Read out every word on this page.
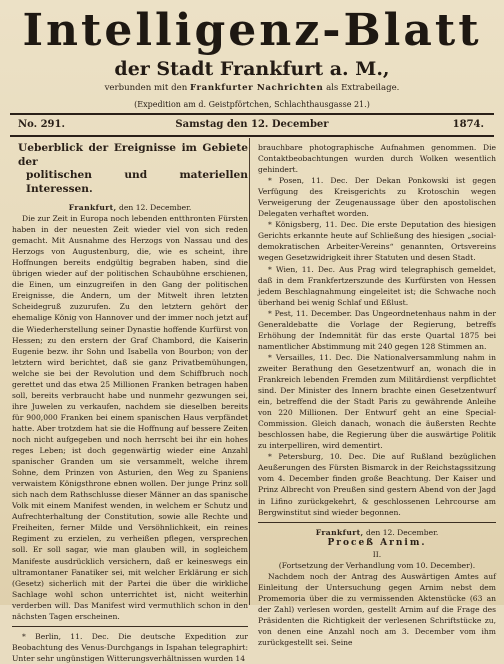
Intelligenz-Blatt
der Stadt Frankfurt a. M.,
verbunden mit den Frankfurter Nachrichten als Extrabeilage.
(Expedition am d. Geistpförtchen, Schlachthausgasse 21.)
No. 291.	Samstag den 12. December	1874.

Ueberblick der Ereignisse im Gebiete der
politischen und materiellen Interessen.

Frankfurt, den 12. December.

Die zur Zeit in Europa noch lebenden entthronten Fürsten haben in der neuesten Zeit wieder viel von sich reden gemacht. Mit Ausnahme des Herzogs von Nassau und des Herzogs von Augustenburg, die, wie es scheint, ihre Hoffnungen bereits endgültig begraben haben, sind die übrigen wieder auf der politischen Schaubühne erschienen, die Einen, um einzugreifen in den Gang der politischen Ereignisse, die Andern, um der Mitwelt ihren letzten Scheidegruß zuzurufen. Zu den letztern gehört der ehemalige König von Hannover und der immer noch jetzt auf die Wiederherstellung seiner Dynastie hoffende Kurfürst von Hessen; zu den erstern der Graf Chambord, die Kaiserin Eugenie bezw. ihr Sohn und Isabella von Bourbon; von der letztern wird berichtet, daß sie ganz Privatbemühungen, welche sie bei der Revolution und dem Schiffbruch noch gerettet und das etwa 25 Millionen Franken betragen haben soll, bereits verbraucht habe und nunmehr gezwungen sei, ihre Juwelen zu verkaufen, nachdem sie dieselben bereits für 900,000 Franken bei einem spanischen Haus verpfändet hatte. Aber trotzdem hat sie die Hoffnung auf bessere Zeiten noch nicht aufgegeben und noch herrscht bei ihr ein hohes reges Leben; ist doch gegenwärtig wieder eine Anzahl spanischer Granden um sie versammelt, welche ihrem Sohne, dem Prinzen von Asturien, den Weg zu Spaniens verwaistem Königsthrone ebnen wollen. Der junge Prinz soll sich nach dem Rathschlusse dieser Männer an das spanische Volk mit einem Manifest wenden, in welchem er Schutz und Aufrechterhaltung der Constitution, sowie alle Rechte und Freiheiten, ferner Milde und Versöhnlichkeit, ein reines Regiment zu erzielen, zu verheißen pflegen, versprechen soll. Er soll sagar, wie man glauben will, in sogleichem Manifeste ausdrücklich versichern, daß er keineswegs ein ultramontaner Fanatiker sei, mit welcher Erklärung er sich (Gesetz) sicherlich mit der Partei die über die wirkliche Sachlage wohl schon unterrichtet ist, nicht weiterhin verderben will. Das Manifest wird vermuthlich schon in den nächsten Tagen erscheinen.

* Berlin, 11. Dec. Die deutsche Expedition zur Beobachtung des Venus-Durchgangs in Ispahan telegraphirt: Unter sehr ungünstigen Witterungsverhältnissen wurden 14

brauchbare photographische Aufnahmen genommen. Die Contaktbeobachtungen wurden durch Wolken wesentlich gehindert.

* Posen, 11. Dec. Der Dekan Ponkowski ist gegen Verfügung des Kreisgerichts zu Krotoschin wegen Verweigerung der Zeugenaussage über den apostolischen Delegaten verhaftet worden.

* Königsberg, 11. Dec. Die erste Deputation des hiesigen Gerichts erkannte heute auf Schließung des hiesigen „social-demokratischen Arbeiter-Vereins“ genannten, Ortsvereins wegen Gesetzwidrigkeit ihrer Statuten und desen Stadt.

* Wien, 11. Dec. Aus Prag wird telegraphisch gemeldet, daß in dem Frankfertzerszunde des Kurfürsten von Hessen jedem Beschlagnahmung eingeleitet ist; die Schwache noch überhand bei wenig Schlaf und Eßlust.

* Pest, 11. December. Das Ungeordnetenhaus nahm in der Generaldebatte die Vorlage der Regierung, betreffs Erhöhung der Indemnität für das erste Quartal 1875 bei namentlicher Abstimmung mit 240 gegen 128 Stimmen an.

* Versailles, 11. Dec. Die Nationalversammlung nahm in zweiter Berathung den Gesetzentwurf an, wonach die in Frankreich lebenden Fremden zum Militärdienst verpflichtet sind. Der Minister des Innern brachte einen Gesetzentwurf ein, betreffend die der Stadt Paris zu gewährende Anleihe von 220 Millionen. Der Entwurf geht an eine Special-Commission. Gleich danach, wonach die äußersten Rechte beschlossen habe, die Regierung über die auswärtige Politik zu interpelliren, wird dementirt.

* Petersburg, 10. Dec. Die auf Rußland bezüglichen Aeußerungen des Fürsten Bismarck in der Reichstagssitzung vom 4. December finden große Beachtung. Der Kaiser und Prinz Albrecht von Preußen sind gestern Abend von der Jagd in Lifino zurückgekehrt, & geschlossenen Lehrcourse am Bergwinstitut sind wieder begonnen.

Frankfurt, den 12. December.

Proceß Arnim.

II.

(Fortsetzung der Verhandlung vom 10. December).

Nachdem noch der Antrag des Auswärtigen Amtes auf Einleitung der Untersuchung gegen Arnim nebst dem Promemoria über die zu vermissenden Aktenstücke (63 an der Zahl) verlesen worden, gestellt Arnim auf die Frage des Präsidenten die Richtigkeit der verlesenen Schriftstücke zu, von denen eine Anzahl noch am 3. December vom ihm zurückgestellt sei. Seine
